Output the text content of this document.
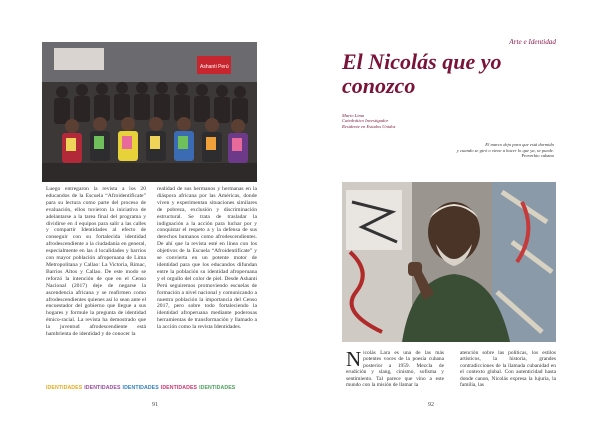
Ashanti Perú
Luego entregaron la revista a los 20 educandos de la Escuela “Afroidentificate” para su lectura como parte del proceso de evaluación, ellos tuvieron la iniciativa de adelantarse a la tarea final del programa y dividirse en 4 equipos para salir a las calles y compartir Identidades al efecto de conseguir con su fortalecida identidad afrodescendiente a la ciudadanía en general, especialmente en las 4 localidades y barrios con mayor población afroperuana de Lima Metropolitana y Callao: La Victoria, Rimac, Barrios Altos y Callao. De este modo se reforzó la intención de que en el Censo Nacional (2017) deje de negarse la ascendencia africana y se reafirmen como afrodescendientes quienes así lo sean ante el encuestador del gobierno que llegue a sus hogares y formule la pregunta de identidad étnico-racial. La revista ha demostrado que la juventud afrodescendiente está hambrienta de identidad y de conocer la
realidad de sus hermanos y hermanas en la diáspora africana por las Américas, donde viven y experimentan situaciones similares de pobreza, exclusión y discriminación estructural. Se trata de trasladar la indignación a la acción para luchar por y conquistar el respeto a y la defensa de sus derechos humanos como afrodescendientes. De ahí que la revista esté en línea con los objetivos de la Escuela “Afroidentifícate” y se convierta en un potente motor de identidad para que los educandos difundan entre la población su identidad afroperuana y el orgullo del color de piel. Desde Ashanti Perú seguiremos promoviendo escuelas de formación a nivel nacional y comunicando a nuestra población la importancia del Censo 2017, pero sobre todo fortaleciendo la identidad afroperuana mediante poderosas herramientas de transformación y llamado a la acción como la revista Identidades.
IDENTIDADES IDENTIDADES IDENTIDADES IDENTIDADES IDENTIDADES
91
Arte e Identidad
El Nicolás que yo conozco
Mario Lima
Catedrático Investigador
Residente en Estados Unidos
El marco dejo para que está dormido
y cuando se giró o viene a hacer lo que ya, se puede.
Proverbio cubano
Nicolás Lara es una de las más potentes voces de la poesía cubana posterior a 1959. Mezcla de erudición y slang, cinismo, sofisma y sentimiento. Tal parece que vino a este mundo con la misión de llamar la
atención sobre las políticas, los estilos artísticos, la historia, grandes contradicciones de la llamada cubanidad en el contexto global. Con autenticidad hasta donde canon, Nicolás expresa la lujuria, la familia, las
92
